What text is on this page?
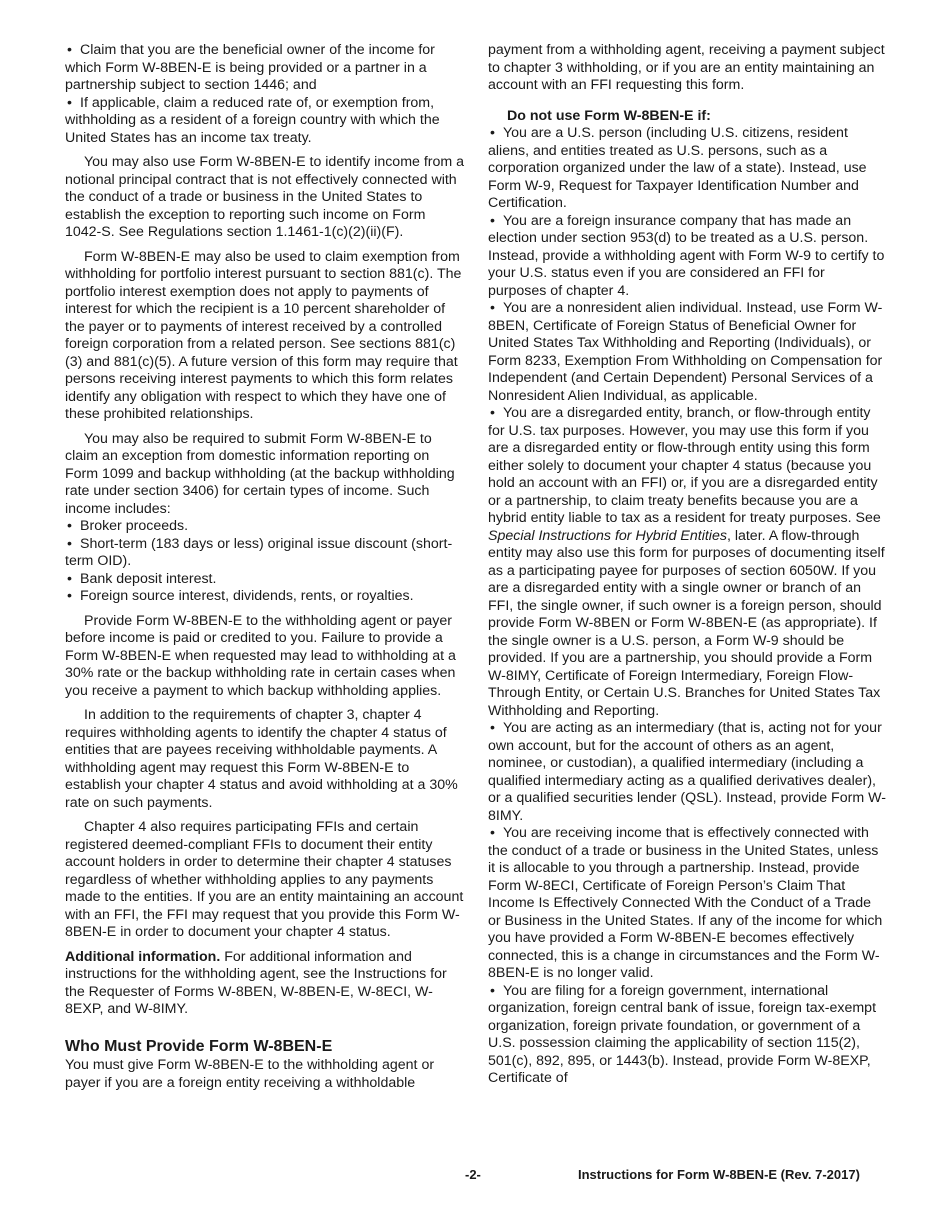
• Claim that you are the beneficial owner of the income for which Form W-8BEN-E is being provided or a partner in a partnership subject to section 1446; and

• If applicable, claim a reduced rate of, or exemption from, withholding as a resident of a foreign country with which the United States has an income tax treaty.

You may also use Form W-8BEN-E to identify income from a notional principal contract that is not effectively connected with the conduct of a trade or business in the United States to establish the exception to reporting such income on Form 1042-S. See Regulations section 1.1461-1(c)(2)(ii)(F).

Form W-8BEN-E may also be used to claim exemption from withholding for portfolio interest pursuant to section 881(c). The portfolio interest exemption does not apply to payments of interest for which the recipient is a 10 percent shareholder of the payer or to payments of interest received by a controlled foreign corporation from a related person. See sections 881(c)(3) and 881(c)(5). A future version of this form may require that persons receiving interest payments to which this form relates identify any obligation with respect to which they have one of these prohibited relationships.

You may also be required to submit Form W-8BEN-E to claim an exception from domestic information reporting on Form 1099 and backup withholding (at the backup withholding rate under section 3406) for certain types of income. Such income includes:

• Broker proceeds.

• Short-term (183 days or less) original issue discount (short-term OID).

• Bank deposit interest.

• Foreign source interest, dividends, rents, or royalties.

Provide Form W-8BEN-E to the withholding agent or payer before income is paid or credited to you. Failure to provide a Form W-8BEN-E when requested may lead to withholding at a 30% rate or the backup withholding rate in certain cases when you receive a payment to which backup withholding applies.

In addition to the requirements of chapter 3, chapter 4 requires withholding agents to identify the chapter 4 status of entities that are payees receiving withholdable payments. A withholding agent may request this Form W-8BEN-E to establish your chapter 4 status and avoid withholding at a 30% rate on such payments.

Chapter 4 also requires participating FFIs and certain registered deemed-compliant FFIs to document their entity account holders in order to determine their chapter 4 statuses regardless of whether withholding applies to any payments made to the entities. If you are an entity maintaining an account with an FFI, the FFI may request that you provide this Form W-8BEN-E in order to document your chapter 4 status.

Additional information. For additional information and instructions for the withholding agent, see the Instructions for the Requester of Forms W-8BEN, W-8BEN-E, W-8ECI, W-8EXP, and W-8IMY.

Who Must Provide Form W-8BEN-E

You must give Form W-8BEN-E to the withholding agent or payer if you are a foreign entity receiving a withholdable

payment from a withholding agent, receiving a payment subject to chapter 3 withholding, or if you are an entity maintaining an account with an FFI requesting this form.

Do not use Form W-8BEN-E if:

• You are a U.S. person (including U.S. citizens, resident aliens, and entities treated as U.S. persons, such as a corporation organized under the law of a state). Instead, use Form W-9, Request for Taxpayer Identification Number and Certification.

• You are a foreign insurance company that has made an election under section 953(d) to be treated as a U.S. person. Instead, provide a withholding agent with Form W-9 to certify to your U.S. status even if you are considered an FFI for purposes of chapter 4.

• You are a nonresident alien individual. Instead, use Form W-8BEN, Certificate of Foreign Status of Beneficial Owner for United States Tax Withholding and Reporting (Individuals), or Form 8233, Exemption From Withholding on Compensation for Independent (and Certain Dependent) Personal Services of a Nonresident Alien Individual, as applicable.

• You are a disregarded entity, branch, or flow-through entity for U.S. tax purposes. However, you may use this form if you are a disregarded entity or flow-through entity using this form either solely to document your chapter 4 status (because you hold an account with an FFI) or, if you are a disregarded entity or a partnership, to claim treaty benefits because you are a hybrid entity liable to tax as a resident for treaty purposes. See Special Instructions for Hybrid Entities, later. A flow-through entity may also use this form for purposes of documenting itself as a participating payee for purposes of section 6050W. If you are a disregarded entity with a single owner or branch of an FFI, the single owner, if such owner is a foreign person, should provide Form W-8BEN or Form W-8BEN-E (as appropriate). If the single owner is a U.S. person, a Form W-9 should be provided. If you are a partnership, you should provide a Form W-8IMY, Certificate of Foreign Intermediary, Foreign Flow-Through Entity, or Certain U.S. Branches for United States Tax Withholding and Reporting.

• You are acting as an intermediary (that is, acting not for your own account, but for the account of others as an agent, nominee, or custodian), a qualified intermediary (including a qualified intermediary acting as a qualified derivatives dealer), or a qualified securities lender (QSL). Instead, provide Form W-8IMY.

• You are receiving income that is effectively connected with the conduct of a trade or business in the United States, unless it is allocable to you through a partnership. Instead, provide Form W-8ECI, Certificate of Foreign Person’s Claim That Income Is Effectively Connected With the Conduct of a Trade or Business in the United States. If any of the income for which you have provided a Form W-8BEN-E becomes effectively connected, this is a change in circumstances and the Form W-8BEN-E is no longer valid.

• You are filing for a foreign government, international organization, foreign central bank of issue, foreign tax-exempt organization, foreign private foundation, or government of a U.S. possession claiming the applicability of section 115(2), 501(c), 892, 895, or 1443(b). Instead, provide Form W-8EXP, Certificate of

-2-	Instructions for Form W-8BEN-E (Rev. 7-2017)
